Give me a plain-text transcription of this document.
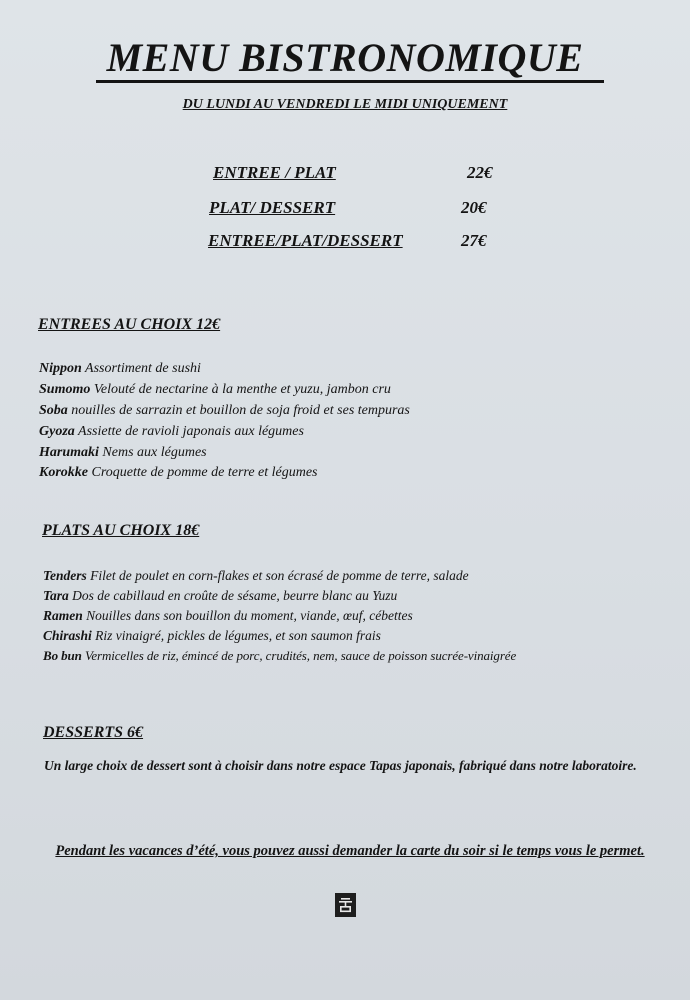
MENU BISTRONOMIQUE

DU LUNDI AU VENDREDI LE MIDI UNIQUEMENT

ENTREE / PLAT	22€
PLAT/ DESSERT	20€
ENTREE/PLAT/DESSERT	27€
ENTREES AU CHOIX 12€
Nippon Assortiment de sushi
Sumomo Velouté de nectarine à la menthe et yuzu, jambon cru
Soba nouilles de sarrazin et bouillon de soja froid et ses tempuras
Gyoza Assiette de ravioli japonais aux légumes
Harumaki Nems aux légumes
Korokke Croquette de pomme de terre et légumes
PLATS AU CHOIX 18€
Tenders Filet de poulet en corn-flakes et son écrasé de pomme de terre, salade
Tara Dos de cabillaud en croûte de sésame, beurre blanc au Yuzu
Ramen Nouilles dans son bouillon du moment, viande, œuf, cébettes
Chirashi Riz vinaigré, pickles de légumes, et son saumon frais
Bo bun Vermicelles de riz, émincé de porc, crudités, nem, sauce de poisson sucrée-vinaigrée
DESSERTS 6€

Un large choix de dessert sont à choisir dans notre espace Tapas japonais, fabriqué dans notre laboratoire.

Pendant les vacances d’été, vous pouvez aussi demander la carte du soir si le temps vous le permet.
